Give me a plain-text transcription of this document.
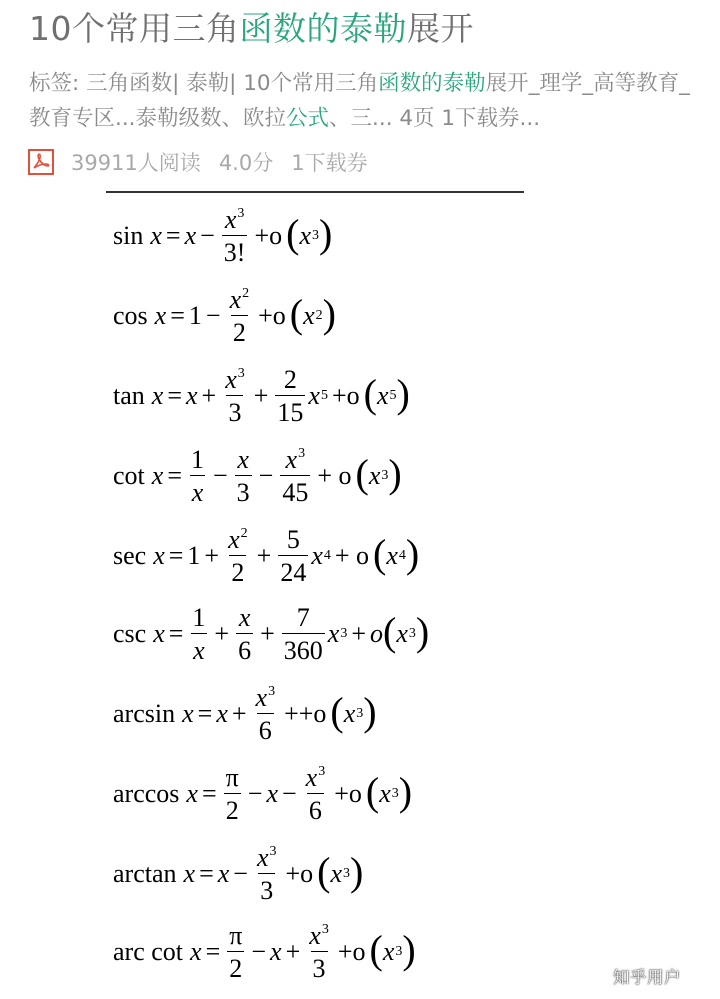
10个常用三角函数的泰勒展开
标签: 三角函数| 泰勒| 10个常用三角函数的泰勒展开_理学_高等教育_教育专区...泰勒级数、欧拉公式、三... 4页 1下载券...
39911人阅读 4.0分 1下载券
$\sin x = x - \frac{x^3}{3!} +o$ ( x 3 )
$\cos x = 1 - \frac{x^2}{2} +o$ ( x 2 )
$\tan x = x + \frac{x^3}{3} + \frac{2}{15}$ x 5 +o ( x 5 )
$\cot x = \frac{1}{x} - \frac{x}{3} - \frac{x^3}{45} + o$ ( x 3 )
$\sec x = 1 + \frac{x^2}{2} + \frac{5}{24}$ x 4 + o ( x 4 )
$\csc x = \frac{1}{x} + \frac{x}{6} + \frac{7}{360}$ x 3 + o ( x 3 )
$\arcsin x = x + \frac{x^3}{6} ++o$ ( x 3 )
$\arccos x = \frac{\pi}{2} - x - \frac{x^3}{6} +o$ ( x 3 )
$\arctan x = x - \frac{x^3}{3} +o$ ( x 3 )
arc $\cot x = \frac{\pi}{2} - x + \frac{x^3}{3} +o$ ( x 3 )
知乎用户
